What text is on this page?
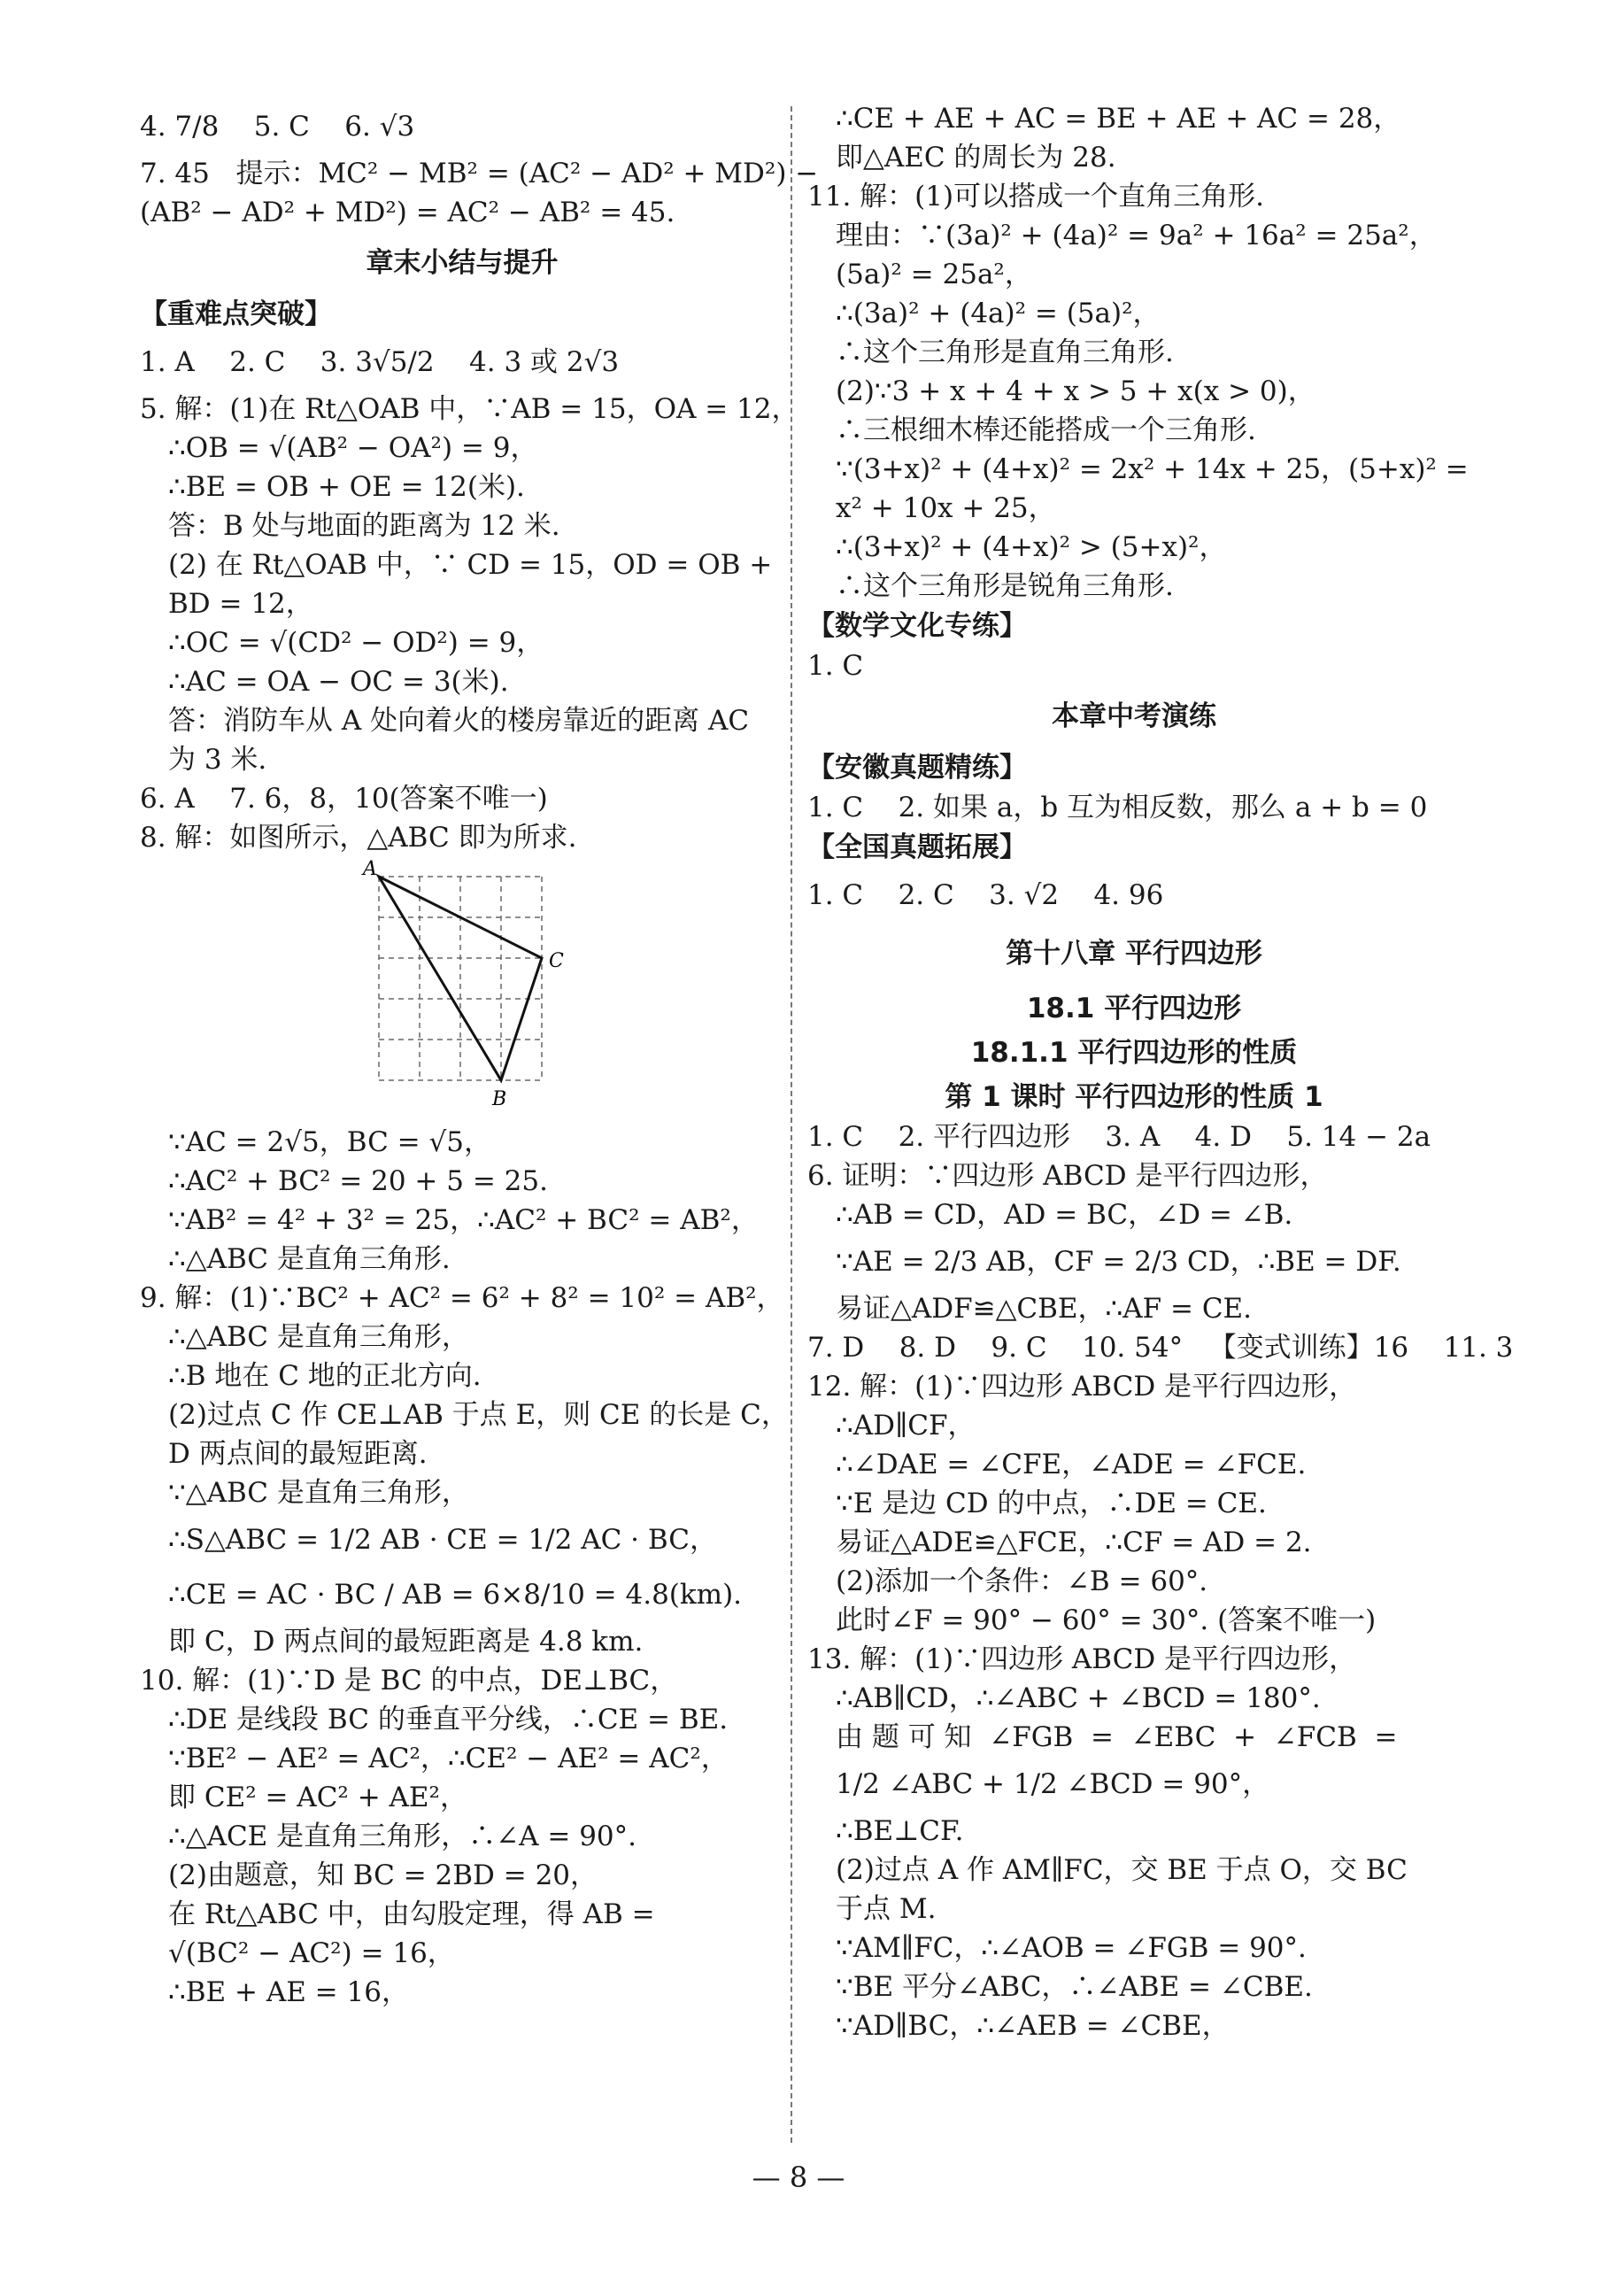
4. 7/8    5. C    6. √3
7. 45   提示：MC² − MB² = (AC² − AD² + MD²) −
(AB² − AD² + MD²) = AC² − AB² = 45.
章末小结与提升
【重难点突破】
1. A    2. C    3. 3√5/2    4. 3 或 2√3
5. 解：(1)在 Rt△OAB 中，∵AB = 15，OA = 12，
∴OB = √(AB² − OA²) = 9，
∴BE = OB + OE = 12(米).
答：B 处与地面的距离为 12 米.
(2) 在 Rt△OAB 中，∵ CD = 15，OD = OB +
BD = 12，
∴OC = √(CD² − OD²) = 9，
∴AC = OA − OC = 3(米).
答：消防车从 A 处向着火的楼房靠近的距离 AC
为 3 米.
6. A    7. 6，8，10(答案不唯一)
8. 解：如图所示，△ABC 即为所求.
A
C
B
∵AC = 2√5，BC = √5，
∴AC² + BC² = 20 + 5 = 25.
∵AB² = 4² + 3² = 25，∴AC² + BC² = AB²，
∴△ABC 是直角三角形.
9. 解：(1)∵BC² + AC² = 6² + 8² = 10² = AB²，
∴△ABC 是直角三角形，
∴B 地在 C 地的正北方向.
(2)过点 C 作 CE⊥AB 于点 E，则 CE 的长是 C，
D 两点间的最短距离.
∵△ABC 是直角三角形，
∴S△ABC = 1/2 AB · CE = 1/2 AC · BC，
∴CE = AC · BC / AB = 6×8/10 = 4.8(km).
即 C，D 两点间的最短距离是 4.8 km.
10. 解：(1)∵D 是 BC 的中点，DE⊥BC，
∴DE 是线段 BC 的垂直平分线，∴CE = BE.
∵BE² − AE² = AC²，∴CE² − AE² = AC²，
即 CE² = AC² + AE²，
∴△ACE 是直角三角形，∴∠A = 90°.
(2)由题意，知 BC = 2BD = 20，
在 Rt△ABC 中，由勾股定理，得 AB =
√(BC² − AC²) = 16，
∴BE + AE = 16，
∴CE + AE + AC = BE + AE + AC = 28，
即△AEC 的周长为 28.
11. 解：(1)可以搭成一个直角三角形.
理由：∵(3a)² + (4a)² = 9a² + 16a² = 25a²，
(5a)² = 25a²，
∴(3a)² + (4a)² = (5a)²，
∴这个三角形是直角三角形.
(2)∵3 + x + 4 + x > 5 + x(x > 0)，
∴三根细木棒还能搭成一个三角形.
∵(3+x)² + (4+x)² = 2x² + 14x + 25，(5+x)² =
x² + 10x + 25，
∴(3+x)² + (4+x)² > (5+x)²，
∴这个三角形是锐角三角形.
【数学文化专练】
1. C
本章中考演练
【安徽真题精练】
1. C    2. 如果 a，b 互为相反数，那么 a + b = 0
【全国真题拓展】
1. C    2. C    3. √2    4. 96
第十八章 平行四边形
18.1 平行四边形
18.1.1 平行四边形的性质
第 1 课时 平行四边形的性质 1
1. C    2. 平行四边形    3. A    4. D    5. 14 − 2a
6. 证明：∵四边形 ABCD 是平行四边形，
∴AB = CD，AD = BC，∠D = ∠B.
∵AE = 2/3 AB，CF = 2/3 CD，∴BE = DF.
易证△ADF≌△CBE，∴AF = CE.
7. D    8. D    9. C    10. 54°   【变式训练】16    11. 3
12. 解：(1)∵四边形 ABCD 是平行四边形，
∴AD∥CF，
∴∠DAE = ∠CFE，∠ADE = ∠FCE.
∵E 是边 CD 的中点，∴DE = CE.
易证△ADE≌△FCE，∴CF = AD = 2.
(2)添加一个条件：∠B = 60°.
此时∠F = 90° − 60° = 30°. (答案不唯一)
13. 解：(1)∵四边形 ABCD 是平行四边形，
∴AB∥CD，∴∠ABC + ∠BCD = 180°.
由 题 可 知  ∠FGB  =  ∠EBC  +  ∠FCB  =
1/2 ∠ABC + 1/2 ∠BCD = 90°，
∴BE⊥CF.
(2)过点 A 作 AM∥FC，交 BE 于点 O，交 BC
于点 M.
∵AM∥FC，∴∠AOB = ∠FGB = 90°.
∵BE 平分∠ABC，∴∠ABE = ∠CBE.
∵AD∥BC，∴∠AEB = ∠CBE，
— 8 —
